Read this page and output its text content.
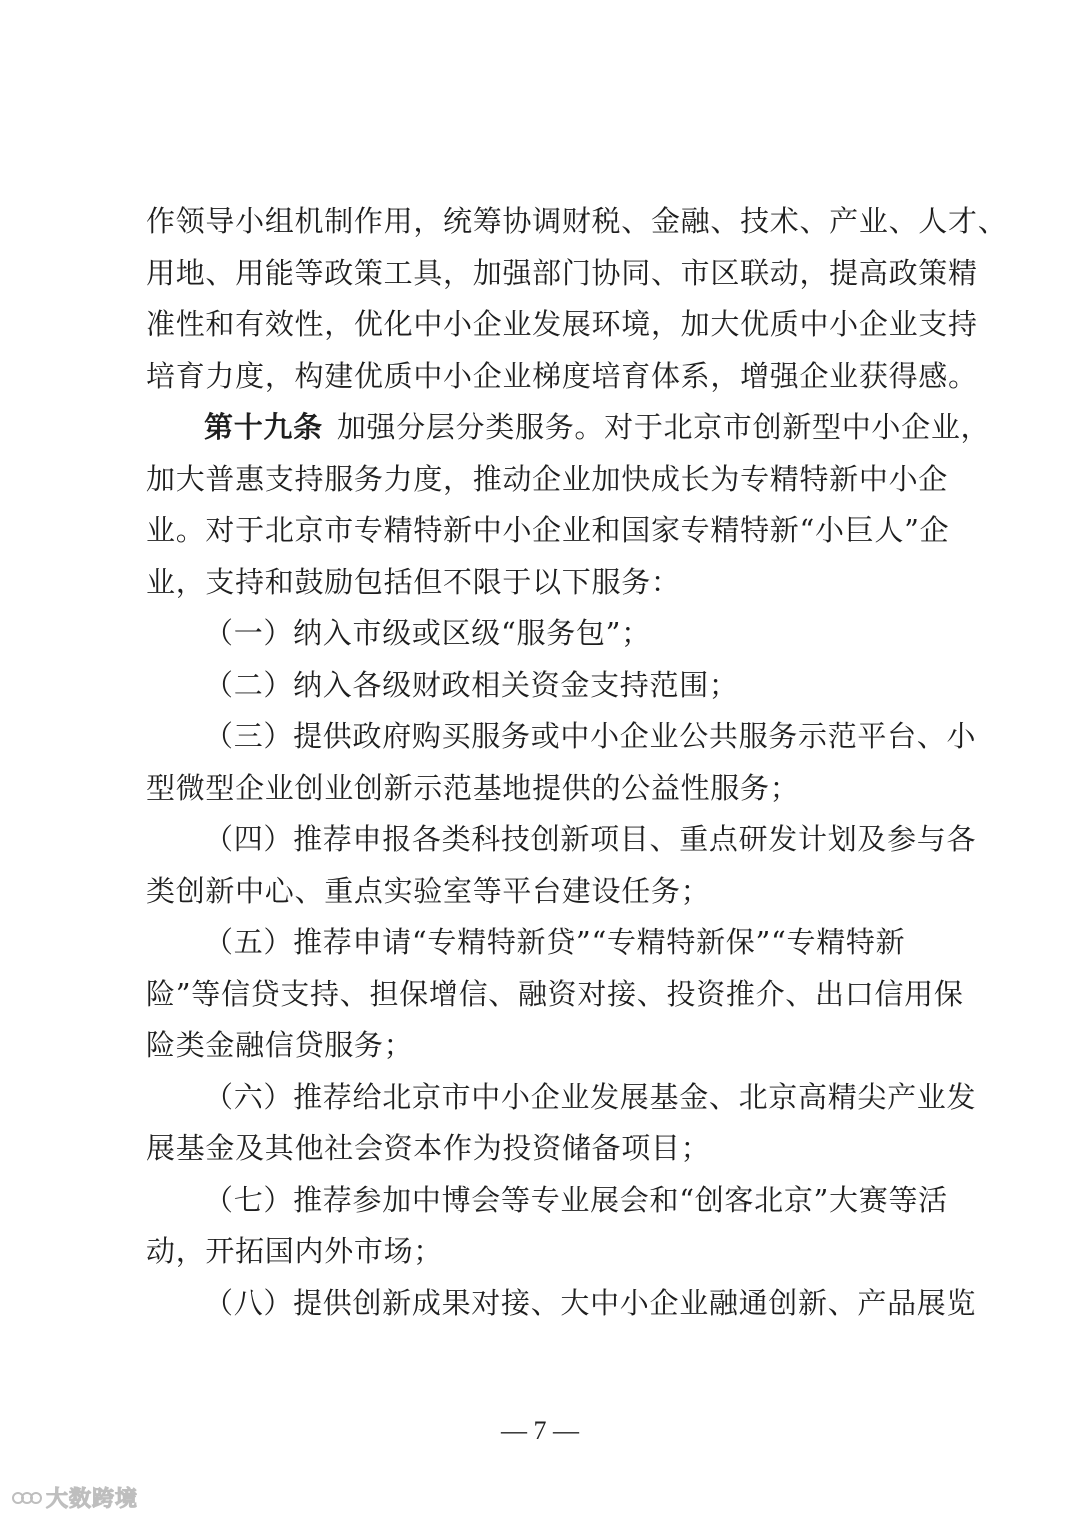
作 领 导 小 组 机 制 作 用 ， 统 筹 协 调 财 税 、 金 融 、 技 术 、 产 业 、 人 才 、
用 地 、 用 能 等 政 策 工 具 ， 加 强 部 门 协 同 、 市 区 联 动 ， 提 高 政 策 精
准 性 和 有 效 性 ， 优 化 中 小 企 业 发 展 环 境 ， 加 大 优 质 中 小 企 业 支 持
培 育 力 度 ， 构 建 优 质 中 小 企 业 梯 度 培 育 体 系 ， 增 强 企 业 获 得 感 。
第十九条 加强分层分类服务。对于北京市创新型中小企业，
加 大 普 惠 支 持 服 务 力 度 ， 推 动 企 业 加 快 成 长 为 专 精 特 新 中 小 企
业 。 对 于 北 京 市 专 精 特 新 中 小 企 业 和 国 家 专 精 特 新 “ 小 巨 人 ” 企
业，支持和鼓励包括但不限于以下服务：
（一）纳入市级或区级“服务包”；
（二）纳入各级财政相关资金支持范围；
（三）提供政府购买服务或中小企业公共服务示范平台、小
型微型企业创业创新示范基地提供的公益性服务；
（四）推荐申报各类科技创新项目、重点研发计划及参与各
类创新中心、重点实验室等平台建设任务；
（五）推荐申请“专精特新贷”“专精特新保”“专精特新
险 ” 等 信 贷 支 持 、 担 保 增 信 、 融 资 对 接 、 投 资 推 介 、 出 口 信 用 保
险类金融信贷服务；
（六）推荐给北京市中小企业发展基金、北京高精尖产业发
展基金及其他社会资本作为投资储备项目；
（七）推荐参加中博会等专业展会和“创客北京”大赛等活
动，开拓国内外市场；
（八）提供创新成果对接、大中小企业融通创新、产品展览
— 7 —
大数跨境
